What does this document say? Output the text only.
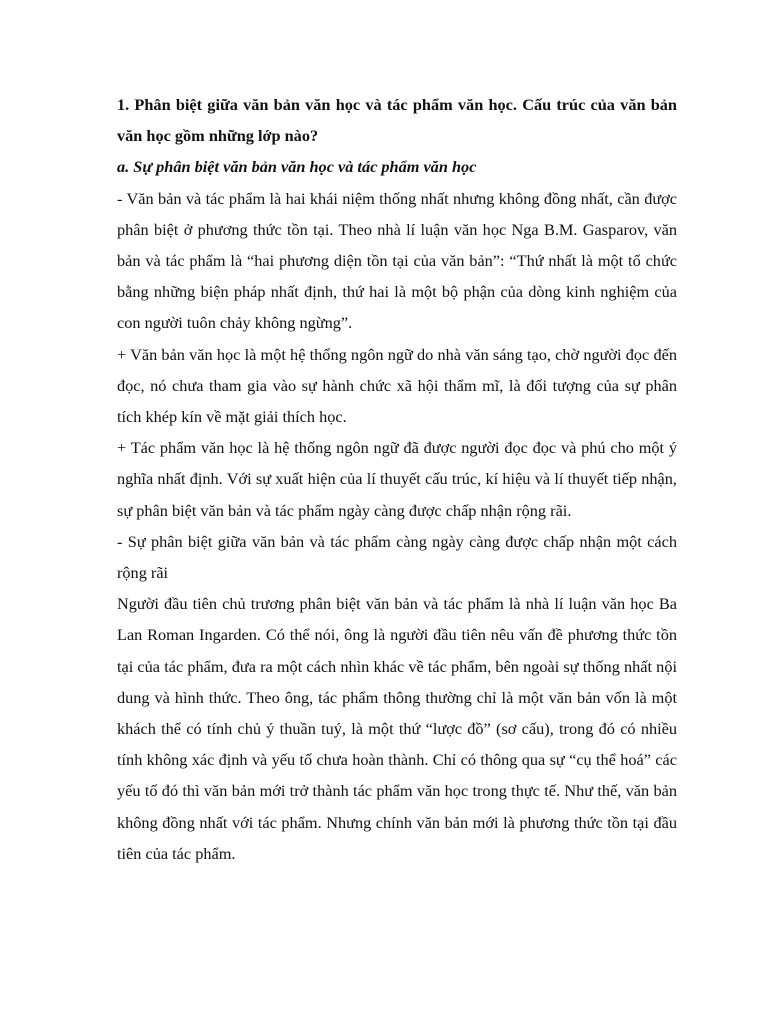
1. Phân biệt giữa văn bản văn học và tác phẩm văn học. Cấu trúc của văn bản văn học gồm những lớp nào?

a. Sự phân biệt văn bản văn học và tác phẩm văn học

- Văn bản và tác phẩm là hai khái niệm thống nhất nhưng không đồng nhất, cần được phân biệt ở phương thức tồn tại. Theo nhà lí luận văn học Nga B.M. Gasparov, văn bản và tác phẩm là “hai phương diện tồn tại của văn bản”: “Thứ nhất là một tổ chức bằng những biện pháp nhất định, thứ hai là một bộ phận của dòng kinh nghiệm của con người tuôn chảy không ngừng”.

+ Văn bản văn học là một hệ thống ngôn ngữ do nhà văn sáng tạo, chờ người đọc đến đọc, nó chưa tham gia vào sự hành chức xã hội thẩm mĩ, là đối tượng của sự phân tích khép kín về mặt giải thích học.

+ Tác phẩm văn học là hệ thống ngôn ngữ đã được người đọc đọc và phú cho một ý nghĩa nhất định. Với sự xuất hiện của lí thuyết cấu trúc, kí hiệu và lí thuyết tiếp nhận, sự phân biệt văn bản và tác phẩm ngày càng được chấp nhận rộng rãi.

- Sự phân biệt giữa văn bản và tác phẩm càng ngày càng được chấp nhận một cách rộng rãi

Người đầu tiên chủ trương phân biệt văn bản và tác phẩm là nhà lí luận văn học Ba Lan Roman Ingarden. Có thể nói, ông là người đầu tiên nêu vấn đề phương thức tồn tại của tác phẩm, đưa ra một cách nhìn khác về tác phẩm, bên ngoài sự thống nhất nội dung và hình thức. Theo ông, tác phẩm thông thường chỉ là một văn bản vốn là một khách thể có tính chủ ý thuần tuý, là một thứ “lược đồ” (sơ cấu), trong đó có nhiều tính không xác định và yếu tố chưa hoàn thành. Chỉ có thông qua sự “cụ thể hoá” các yếu tố đó thì văn bản mới trở thành tác phẩm văn học trong thực tế. Như thế, văn bản không đồng nhất với tác phẩm. Nhưng chính văn bản mới là phương thức tồn tại đầu tiên của tác phẩm.
